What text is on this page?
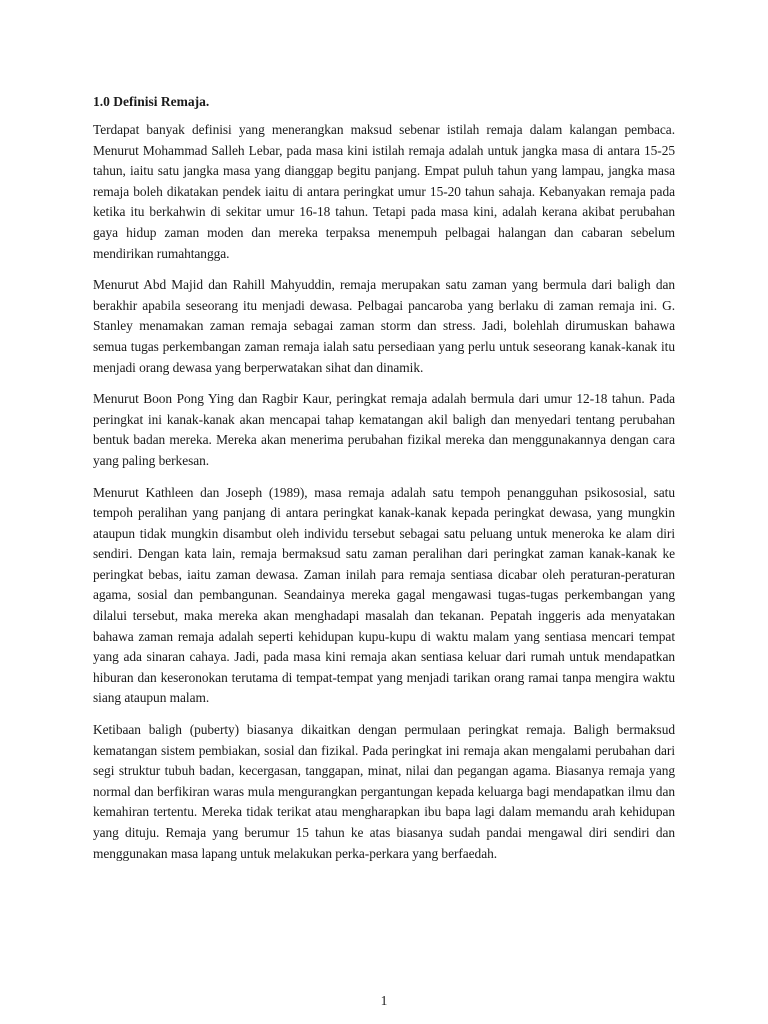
1.0 Definisi Remaja.

Terdapat banyak definisi yang menerangkan maksud sebenar istilah remaja dalam kalangan pembaca. Menurut Mohammad Salleh Lebar, pada masa kini istilah remaja adalah untuk jangka masa di antara 15-25 tahun, iaitu satu jangka masa yang dianggap begitu panjang. Empat puluh tahun yang lampau, jangka masa remaja boleh dikatakan pendek iaitu di antara peringkat umur 15-20 tahun sahaja. Kebanyakan remaja pada ketika itu berkahwin di sekitar umur 16-18 tahun. Tetapi pada masa kini, adalah kerana akibat perubahan gaya hidup zaman moden dan mereka terpaksa menempuh pelbagai halangan dan cabaran sebelum mendirikan rumahtangga.

Menurut Abd Majid dan Rahill Mahyuddin, remaja merupakan satu zaman yang bermula dari baligh dan berakhir apabila seseorang itu menjadi dewasa. Pelbagai pancaroba yang berlaku di zaman remaja ini. G. Stanley menamakan zaman remaja sebagai zaman storm dan stress. Jadi, bolehlah dirumuskan bahawa semua tugas perkembangan zaman remaja ialah satu persediaan yang perlu untuk seseorang kanak-kanak itu menjadi orang dewasa yang berperwatakan sihat dan dinamik.

Menurut Boon Pong Ying dan Ragbir Kaur, peringkat remaja adalah bermula dari umur 12-18 tahun. Pada peringkat ini kanak-kanak akan mencapai tahap kematangan akil baligh dan menyedari tentang perubahan bentuk badan mereka. Mereka akan menerima perubahan fizikal mereka dan menggunakannya dengan cara yang paling berkesan.

Menurut Kathleen dan Joseph (1989), masa remaja adalah satu tempoh penangguhan psikososial, satu tempoh peralihan yang panjang di antara peringkat kanak-kanak kepada peringkat dewasa, yang mungkin ataupun tidak mungkin disambut oleh individu tersebut sebagai satu peluang untuk meneroka ke alam diri sendiri. Dengan kata lain, remaja bermaksud satu zaman peralihan dari peringkat zaman kanak-kanak ke peringkat bebas, iaitu zaman dewasa. Zaman inilah para remaja sentiasa dicabar oleh peraturan-peraturan agama, sosial dan pembangunan. Seandainya mereka gagal mengawasi tugas-tugas perkembangan yang dilalui tersebut, maka mereka akan menghadapi masalah dan tekanan. Pepatah inggeris ada menyatakan bahawa zaman remaja adalah seperti kehidupan kupu-kupu di waktu malam yang sentiasa mencari tempat yang ada sinaran cahaya. Jadi, pada masa kini remaja akan sentiasa keluar dari rumah untuk mendapatkan hiburan dan keseronokan terutama di tempat-tempat yang menjadi tarikan orang ramai tanpa mengira waktu siang ataupun malam.

Ketibaan baligh (puberty) biasanya dikaitkan dengan permulaan peringkat remaja. Baligh bermaksud kematangan sistem pembiakan, sosial dan fizikal. Pada peringkat ini remaja akan mengalami perubahan dari segi struktur tubuh badan, kecergasan, tanggapan, minat, nilai dan pegangan agama. Biasanya remaja yang normal dan berfikiran waras mula mengurangkan pergantungan kepada keluarga bagi mendapatkan ilmu dan kemahiran tertentu. Mereka tidak terikat atau mengharapkan ibu bapa lagi dalam memandu arah kehidupan yang dituju. Remaja yang berumur 15 tahun ke atas biasanya sudah pandai mengawal diri sendiri dan menggunakan masa lapang untuk melakukan perka-perkara yang berfaedah.

1
